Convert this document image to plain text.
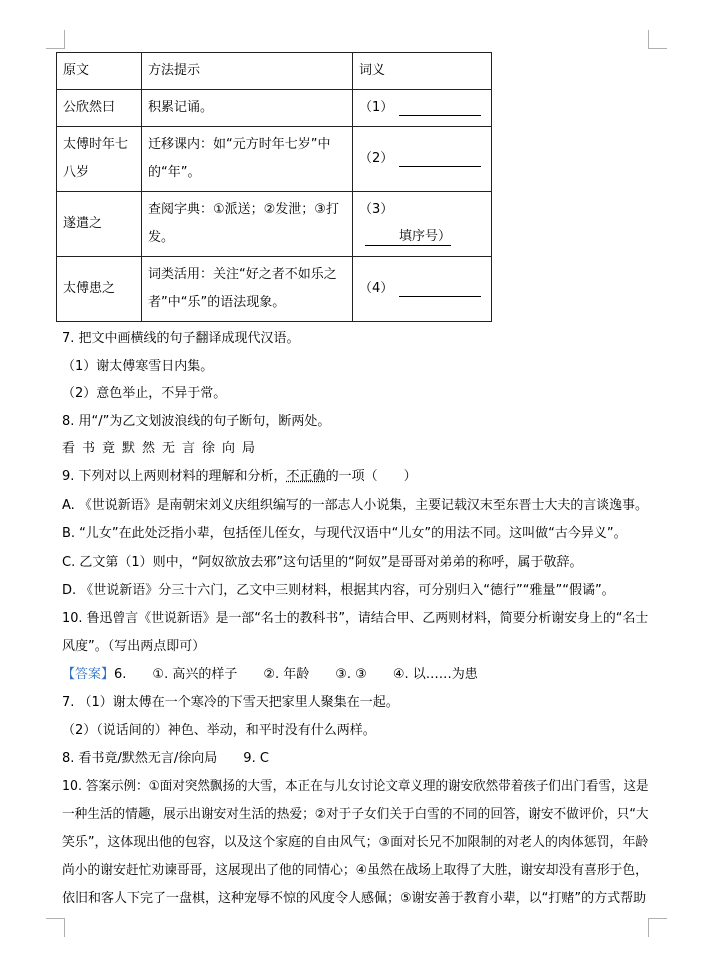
原文	方法提示	词义
公欣然曰	积累记诵。	（1）
太傅时年七八岁	迁移课内：如“元方时年七岁”中的“年”。	（2）
遂遣之	查阅字典：①派送；②发泄；③打发。	（3）填序号）
太傅患之	词类活用：关注“好之者不如乐之者”中“乐”的语法现象。	（4）
7. 把文中画横线的句子翻译成现代汉语。
（1）谢太傅寒雪日内集。
（2）意色举止，不异于常。
8. 用“/”为乙文划波浪线的句子断句，断两处。
看书竟默然无言徐向局
9. 下列对以上两则材料的理解和分析，不正确的一项（　　）
A. 《世说新语》是南朝宋刘义庆组织编写的一部志人小说集，主要记载汉末至东晋士大夫的言谈逸事。
B. “儿女”在此处泛指小辈，包括侄儿侄女，与现代汉语中“儿女”的用法不同。这叫做“古今异义”。
C. 乙文第（1）则中，“阿奴欲放去邪”这句话里的“阿奴”是哥哥对弟弟的称呼，属于敬辞。
D. 《世说新语》分三十六门，乙文中三则材料，根据其内容，可分别归入“德行”“雅量”“假谲”。
10. 鲁迅曾言《世说新语》是一部“名士的教科书”，请结合甲、乙两则材料，简要分析谢安身上的“名士
风度”。（写出两点即可）
【答案】6.　　①. 高兴的样子　　②. 年龄　　③. ③　　④. 以……为患
7. （1）谢太傅在一个寒冷的下雪天把家里人聚集在一起。
（2）（说话间的）神色、举动，和平时没有什么两样。
8. 看书竟/默然无言/徐向局　　9. C
10. 答案示例：①面对突然飘扬的大雪，本正在与儿女讨论文章义理的谢安欣然带着孩子们出门看雪，这是
一种生活的情趣，展示出谢安对生活的热爱；②对于子女们关于白雪的不同的回答，谢安不做评价，只“大
笑乐”，这体现出他的包容，以及这个家庭的自由风气；③面对长兄不加限制的对老人的肉体惩罚，年龄
尚小的谢安赶忙劝谏哥哥，这展现出了他的同情心；④虽然在战场上取得了大胜，谢安却没有喜形于色，
依旧和客人下完了一盘棋，这种宠辱不惊的风度令人感佩；⑤谢安善于教育小辈，以“打赌”的方式帮助
